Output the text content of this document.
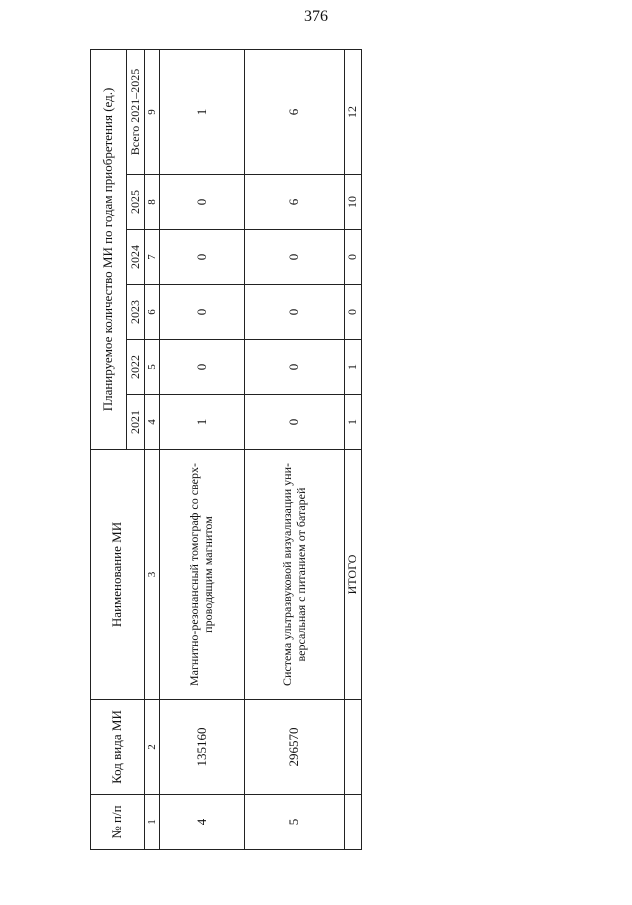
376
№ п/п	Код вида МИ	Наименование МИ	Планируемое количество МИ по годам приобретения (ед.)					
			2021	2022	2023	2024	2025	Всего 2021–2025
1	2	3	4	5	6	7	8	9
4	135160	Магнитно-резонансный томограф со сверх-проводящим магнитом	1	0	0	0	0	1
5	296570	Система ультразвуковой визуализации уни-версальная с питанием от батарей	0	0	0	0	6	6
		ИТОГО	1	1	0	0	10	12
